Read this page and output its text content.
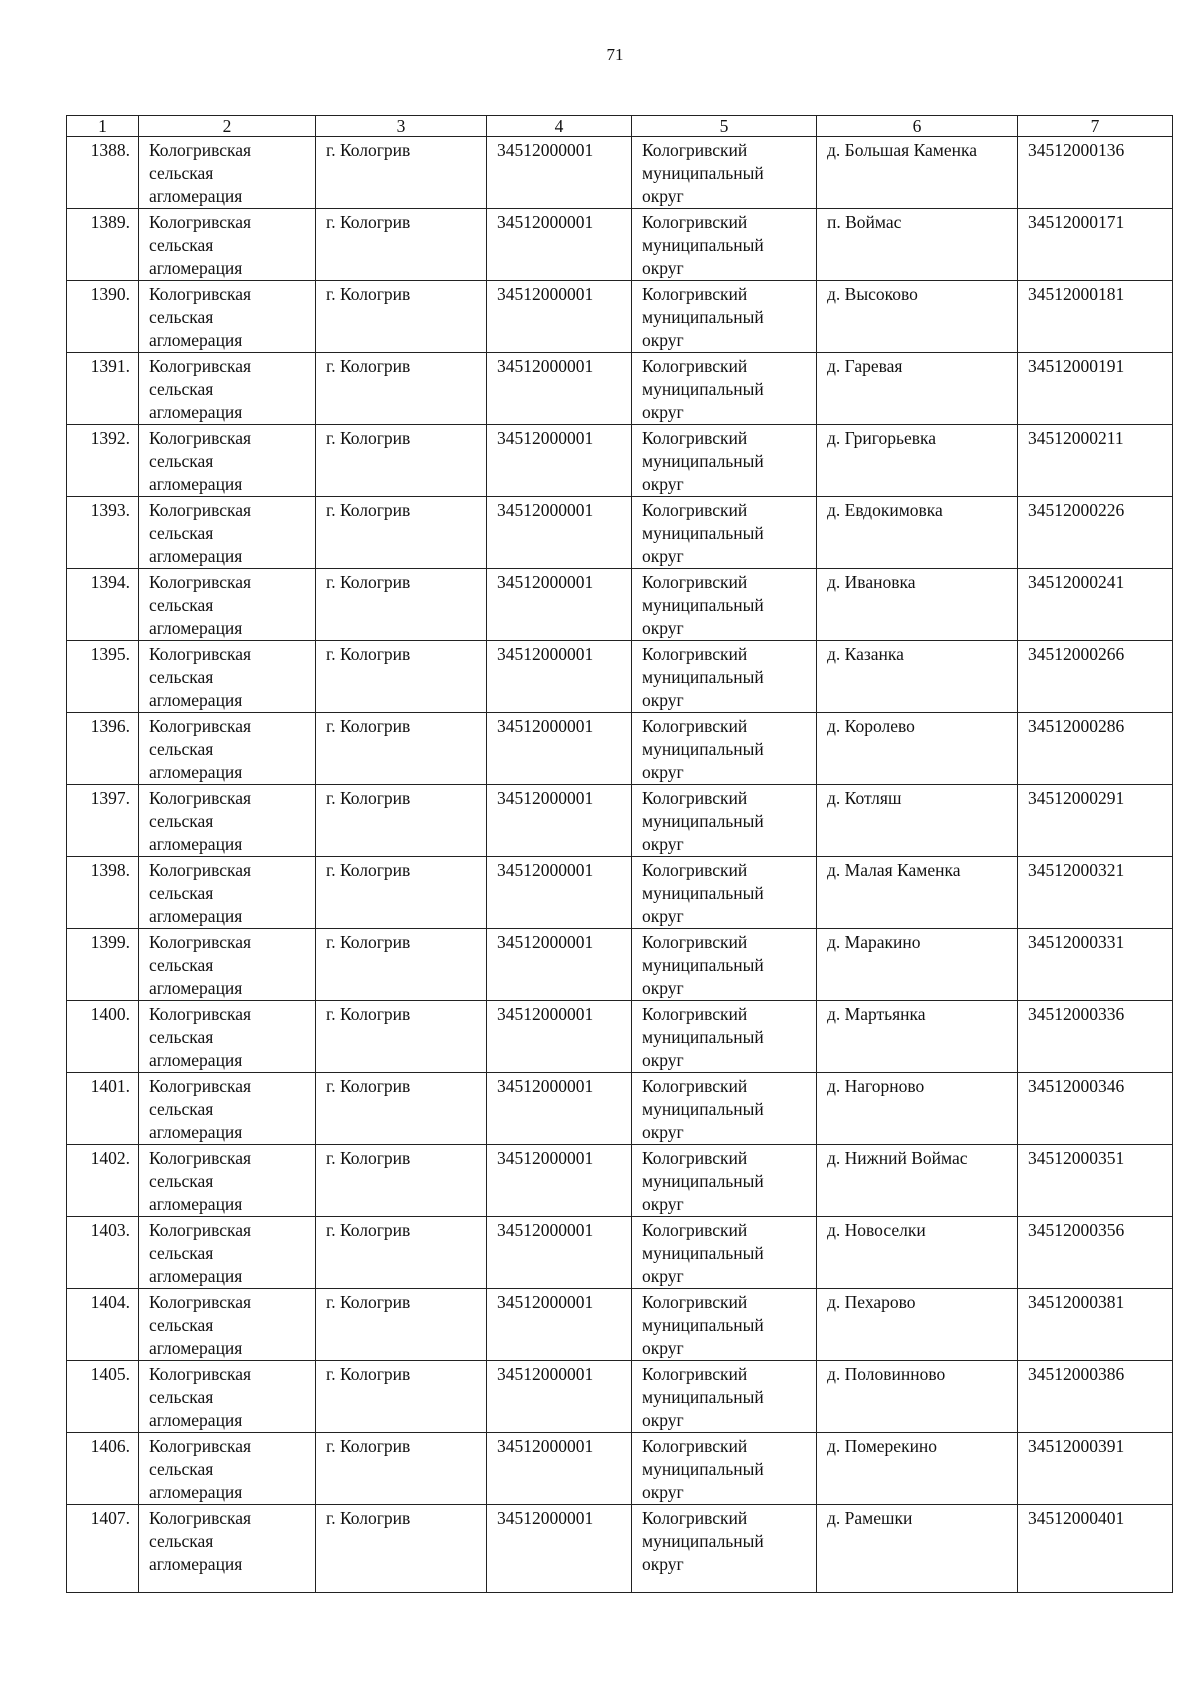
71
1	2	3	4	5	6	7
1388.	Кологривская
сельская
агломерация	г. Кологрив	34512000001	Кологривский
муниципальный
округ	д. Большая Каменка	34512000136
1389.	Кологривская
сельская
агломерация	г. Кологрив	34512000001	Кологривский
муниципальный
округ	п. Воймас	34512000171
1390.	Кологривская
сельская
агломерация	г. Кологрив	34512000001	Кологривский
муниципальный
округ	д. Высоково	34512000181
1391.	Кологривская
сельская
агломерация	г. Кологрив	34512000001	Кологривский
муниципальный
округ	д. Гаревая	34512000191
1392.	Кологривская
сельская
агломерация	г. Кологрив	34512000001	Кологривский
муниципальный
округ	д. Григорьевка	34512000211
1393.	Кологривская
сельская
агломерация	г. Кологрив	34512000001	Кологривский
муниципальный
округ	д. Евдокимовка	34512000226
1394.	Кологривская
сельская
агломерация	г. Кологрив	34512000001	Кологривский
муниципальный
округ	д. Ивановка	34512000241
1395.	Кологривская
сельская
агломерация	г. Кологрив	34512000001	Кологривский
муниципальный
округ	д. Казанка	34512000266
1396.	Кологривская
сельская
агломерация	г. Кологрив	34512000001	Кологривский
муниципальный
округ	д. Королево	34512000286
1397.	Кологривская
сельская
агломерация	г. Кологрив	34512000001	Кологривский
муниципальный
округ	д. Котляш	34512000291
1398.	Кологривская
сельская
агломерация	г. Кологрив	34512000001	Кологривский
муниципальный
округ	д. Малая Каменка	34512000321
1399.	Кологривская
сельская
агломерация	г. Кологрив	34512000001	Кологривский
муниципальный
округ	д. Маракино	34512000331
1400.	Кологривская
сельская
агломерация	г. Кологрив	34512000001	Кологривский
муниципальный
округ	д. Мартьянка	34512000336
1401.	Кологривская
сельская
агломерация	г. Кологрив	34512000001	Кологривский
муниципальный
округ	д. Нагорново	34512000346
1402.	Кологривская
сельская
агломерация	г. Кологрив	34512000001	Кологривский
муниципальный
округ	д. Нижний Воймас	34512000351
1403.	Кологривская
сельская
агломерация	г. Кологрив	34512000001	Кологривский
муниципальный
округ	д. Новоселки	34512000356
1404.	Кологривская
сельская
агломерация	г. Кологрив	34512000001	Кологривский
муниципальный
округ	д. Пехарово	34512000381
1405.	Кологривская
сельская
агломерация	г. Кологрив	34512000001	Кологривский
муниципальный
округ	д. Половинново	34512000386
1406.	Кологривская
сельская
агломерация	г. Кологрив	34512000001	Кологривский
муниципальный
округ	д. Померекино	34512000391
1407.	Кологривская
сельская
агломерация	г. Кологрив	34512000001	Кологривский
муниципальный
округ	д. Рамешки	34512000401
